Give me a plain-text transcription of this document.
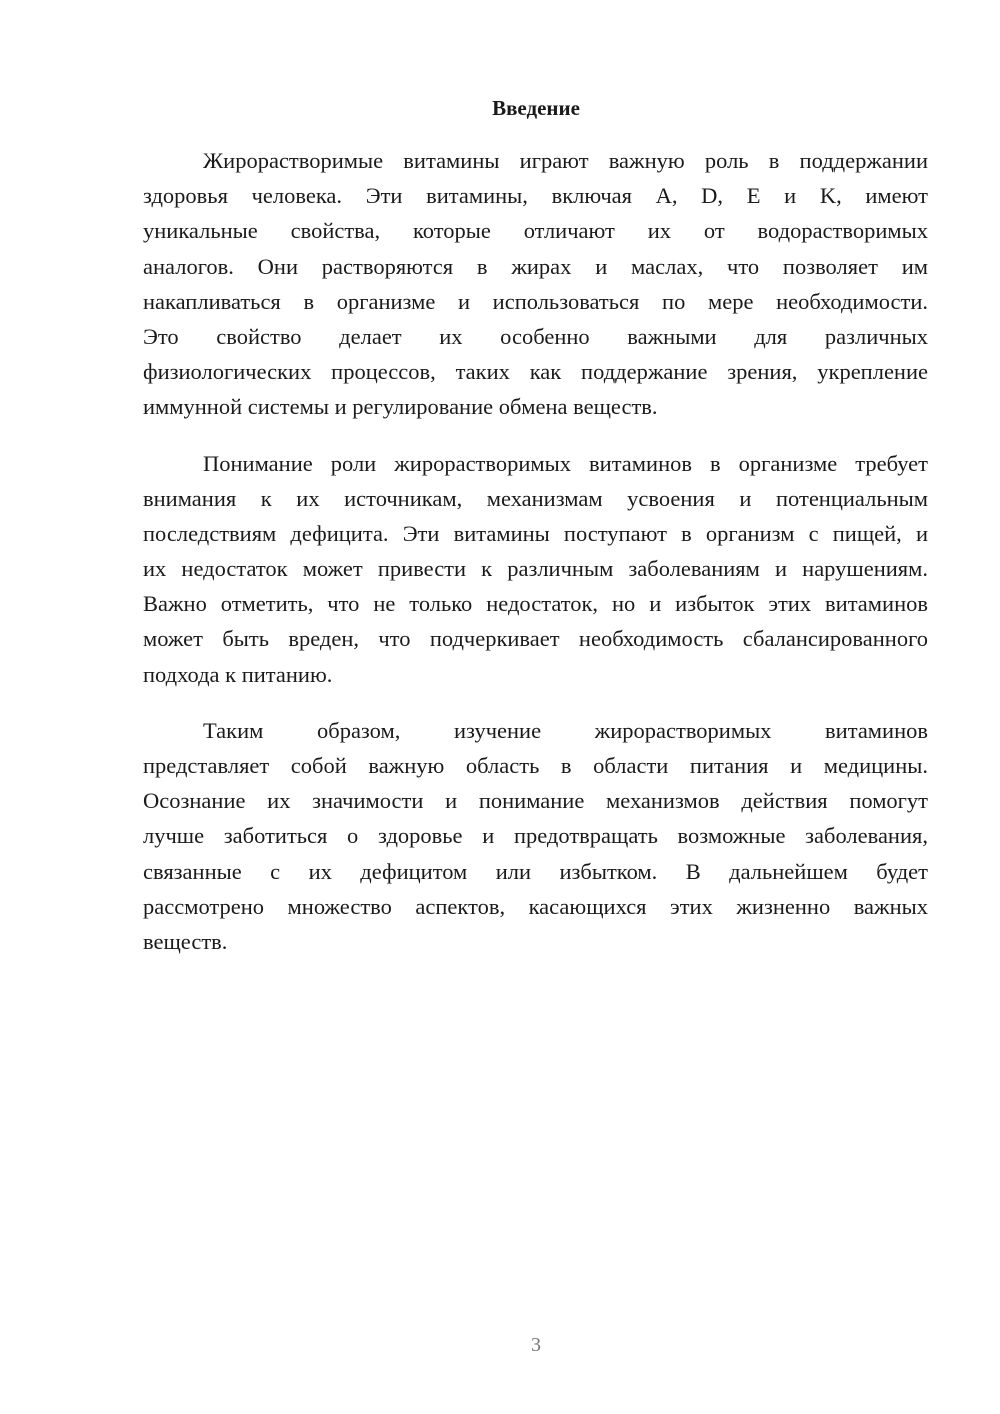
Введение
Жирорастворимые витамины играют важную роль в поддержании
здоровья человека. Эти витамины, включая A, D, E и K, имеют
уникальные свойства, которые отличают их от водорастворимых
аналогов. Они растворяются в жирах и маслах, что позволяет им
накапливаться в организме и использоваться по мере необходимости.
Это свойство делает их особенно важными для различных
физиологических процессов, таких как поддержание зрения, укрепление
иммунной системы и регулирование обмена веществ.
Понимание роли жирорастворимых витаминов в организме требует
внимания к их источникам, механизмам усвоения и потенциальным
последствиям дефицита. Эти витамины поступают в организм с пищей, и
их недостаток может привести к различным заболеваниям и нарушениям.
Важно отметить, что не только недостаток, но и избыток этих витаминов
может быть вреден, что подчеркивает необходимость сбалансированного
подхода к питанию.
Таким образом, изучение жирорастворимых витаминов
представляет собой важную область в области питания и медицины.
Осознание их значимости и понимание механизмов действия помогут
лучше заботиться о здоровье и предотвращать возможные заболевания,
связанные с их дефицитом или избытком. В дальнейшем будет
рассмотрено множество аспектов, касающихся этих жизненно важных
веществ.
3
